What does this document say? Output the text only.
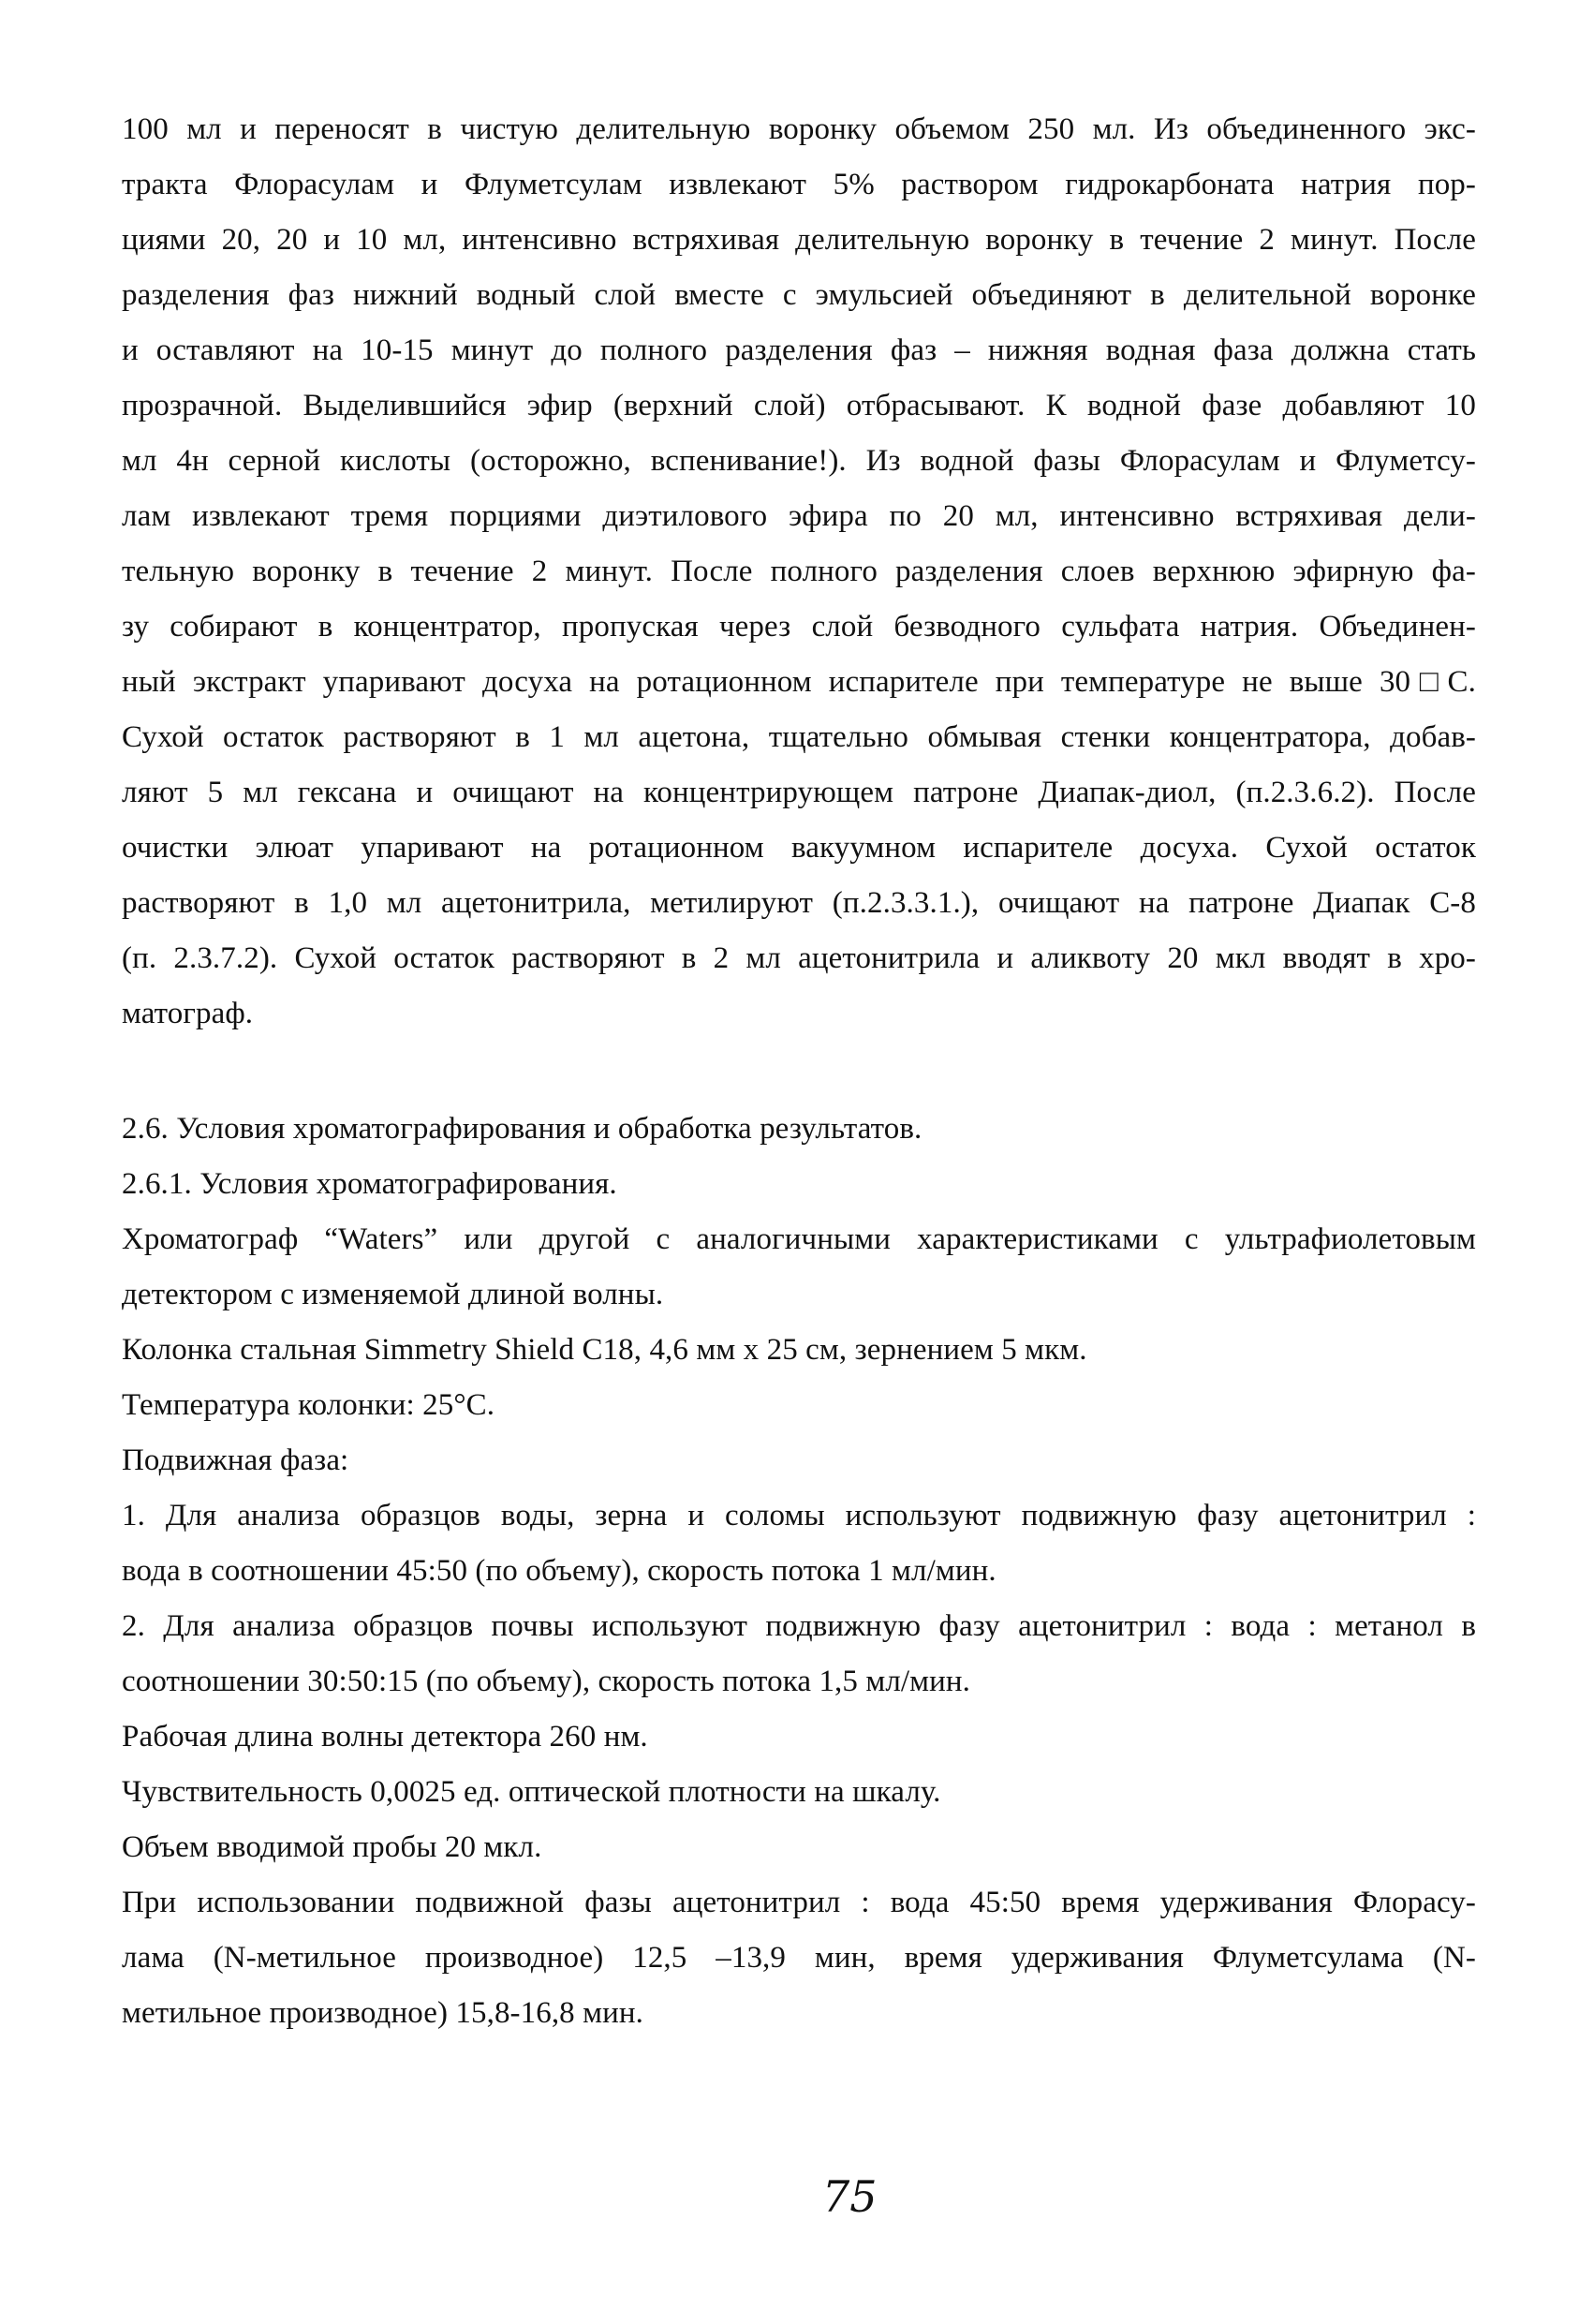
100 мл и переносят в чистую делительную воронку объемом 250 мл. Из объединенного экс-
тракта Флорасулам и Флуметсулам извлекают 5% раствором гидрокарбоната натрия пор-
циями 20, 20 и 10 мл, интенсивно встряхивая делительную воронку в течение 2 минут. После
разделения фаз нижний водный слой вместе с эмульсией объединяют в делительной воронке
и оставляют на 10-15 минут до полного разделения фаз – нижняя водная фаза должна стать
прозрачной. Выделившийся эфир (верхний слой) отбрасывают. К водной фазе добавляют 10
мл 4н серной кислоты (осторожно, вспенивание!). Из водной фазы Флорасулам и Флуметсу-
лам извлекают тремя порциями диэтилового эфира по 20 мл, интенсивно встряхивая дели-
тельную воронку в течение 2 минут. После полного разделения слоев верхнюю эфирную фа-
зу собирают в концентратор, пропуская через слой безводного сульфата натрия. Объединен-
ный экстракт упаривают досуха на ротационном испарителе при температуре не выше 30□С.
Сухой остаток растворяют в 1 мл ацетона, тщательно обмывая стенки концентратора, добав-
ляют 5 мл гексана и очищают на концентрирующем патроне Диапак-диол, (п.2.3.6.2). После
очистки элюат упаривают на ротационном вакуумном испарителе досуха. Сухой остаток
растворяют в 1,0 мл ацетонитрила, метилируют (п.2.3.3.1.), очищают на патроне Диапак С-8
(п. 2.3.7.2). Сухой остаток растворяют в 2 мл ацетонитрила и аликвоту 20 мкл вводят в хро-
матограф.
2.6. Условия хроматографирования и обработка результатов.
2.6.1. Условия хроматографирования.
Хроматограф “Waters” или другой с аналогичными характеристиками с ультрафиолетовым
детектором с изменяемой длиной волны.
Колонка стальная Simmetry Shield C18, 4,6 мм х 25 см, зернением 5 мкм.
Температура колонки: 25°С.
Подвижная фаза:
1. Для анализа образцов воды, зерна и соломы используют подвижную фазу ацетонитрил :
вода в соотношении 45:50 (по объему), скорость потока 1 мл/мин.
2. Для анализа образцов почвы используют подвижную фазу ацетонитрил : вода : метанол в
соотношении 30:50:15 (по объему), скорость потока 1,5 мл/мин.
Рабочая длина волны детектора 260 нм.
Чувствительность 0,0025 ед. оптической плотности на шкалу.
Объем вводимой пробы 20 мкл.
При использовании подвижной фазы ацетонитрил : вода 45:50 время удерживания Флорасу-
лама (N-метильное производное) 12,5 –13,9 мин, время удерживания Флуметсулама (N-
метильное производное) 15,8-16,8 мин.
75
